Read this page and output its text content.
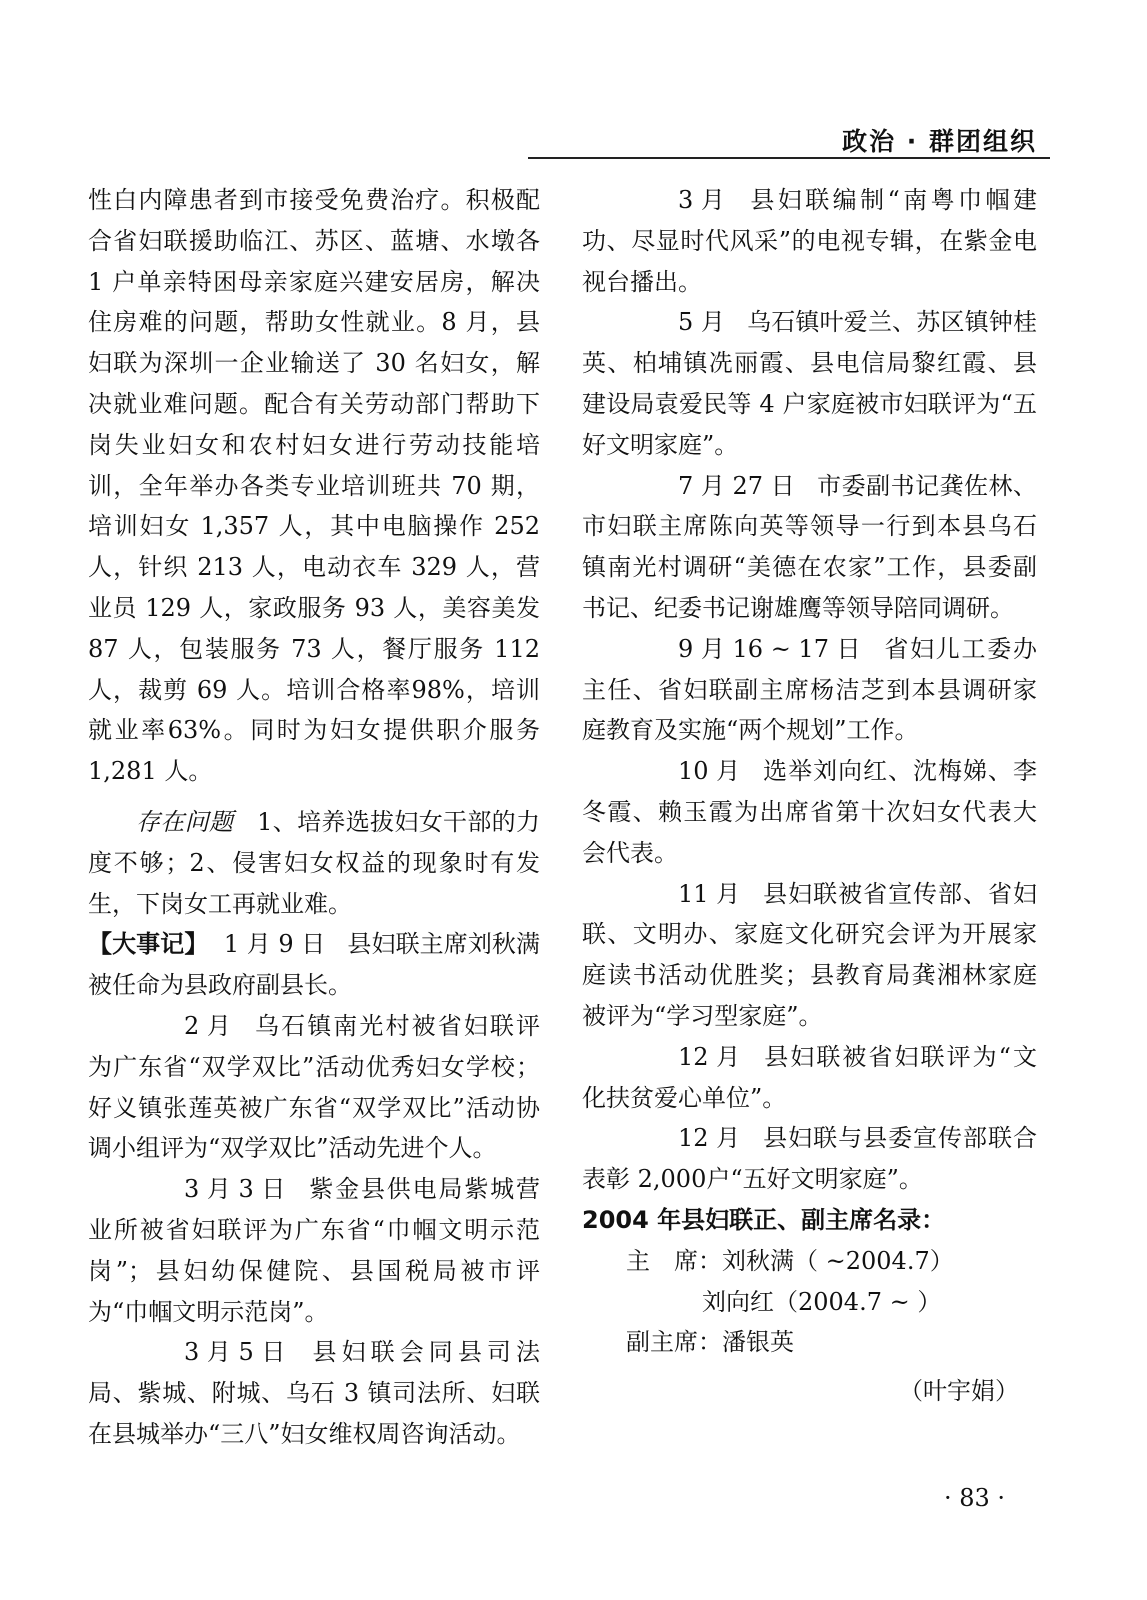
政治 · 群团组织

性白内障患者到市接受免费治疗。积极配合省妇联援助临江、苏区、蓝塘、水墩各 1 户单亲特困母亲家庭兴建安居房，解决住房难的问题，帮助女性就业。8 月，县妇联为深圳一企业输送了 30 名妇女，解决就业难问题。配合有关劳动部门帮助下岗失业妇女和农村妇女进行劳动技能培训，全年举办各类专业培训班共 70 期，培训妇女 1,357 人，其中电脑操作 252 人，针织 213 人，电动衣车 329 人，营业员 129 人，家政服务 93 人，美容美发 87 人，包装服务 73 人，餐厅服务 112 人，裁剪 69 人。培训合格率98%，培训就业率63%。同时为妇女提供职介服务 1,281 人。

存在问题 1、培养选拔妇女干部的力度不够；2、侵害妇女权益的现象时有发生，下岗女工再就业难。

【大事记】 1 月 9 日 县妇联主席刘秋满被任命为县政府副县长。

2 月 乌石镇南光村被省妇联评为广东省“双学双比”活动优秀妇女学校；好义镇张莲英被广东省“双学双比”活动协调小组评为“双学双比”活动先进个人。

3 月 3 日 紫金县供电局紫城营业所被省妇联评为广东省“巾帼文明示范岗”；县妇幼保健院、县国税局被市评为“巾帼文明示范岗”。

3 月 5 日 县妇联会同县司法局、紫城、附城、乌石 3 镇司法所、妇联在县城举办“三八”妇女维权周咨询活动。

3 月 县妇联编制“南粤巾帼建功、尽显时代风采”的电视专辑，在紫金电视台播出。

5 月 乌石镇叶爱兰、苏区镇钟桂英、柏埔镇冼丽霞、县电信局黎红霞、县建设局袁爱民等 4 户家庭被市妇联评为“五好文明家庭”。

7 月 27 日 市委副书记龚佐林、市妇联主席陈向英等领导一行到本县乌石镇南光村调研“美德在农家”工作，县委副书记、纪委书记谢雄鹰等领导陪同调研。

9 月 16 ~ 17 日 省妇儿工委办主任、省妇联副主席杨洁芝到本县调研家庭教育及实施“两个规划”工作。

10 月 选举刘向红、沈梅娣、李冬霞、赖玉霞为出席省第十次妇女代表大会代表。

11 月 县妇联被省宣传部、省妇联、文明办、家庭文化研究会评为开展家庭读书活动优胜奖；县教育局龚湘林家庭被评为“学习型家庭”。

12 月 县妇联被省妇联评为“文化扶贫爱心单位”。

12 月 县妇联与县委宣传部联合表彰 2,000户“五好文明家庭”。

2004 年县妇联正、副主席名录：

主　席：刘秋满（ ~2004.7）

刘向红（2004.7 ~ ）

副主席：潘银英

（叶宇娟）

· 83 ·
